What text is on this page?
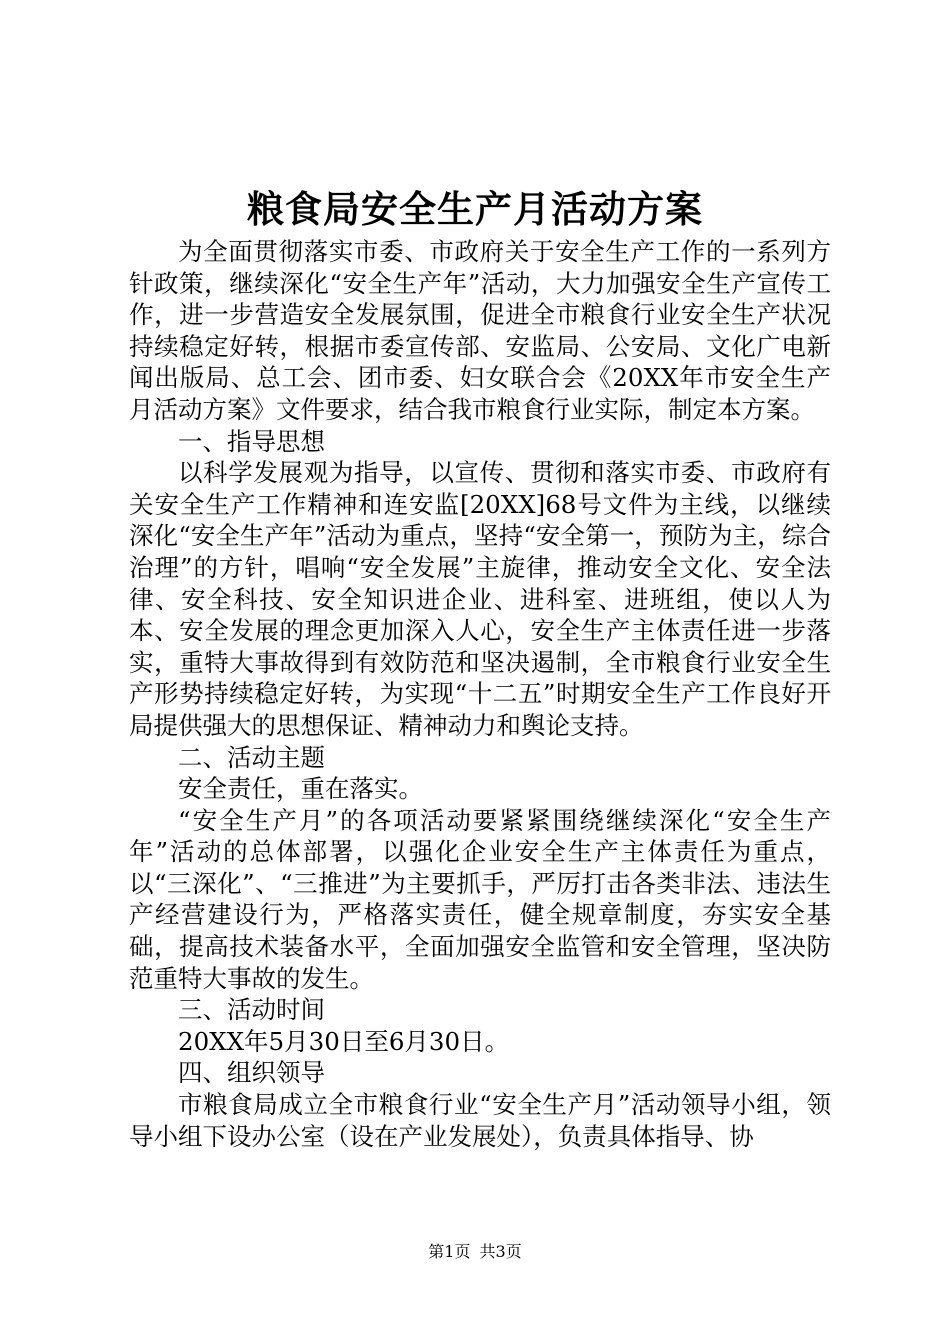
粮食局安全生产月活动方案

为全面贯彻落实市委、市政府关于安全生产工作的一系列方针政策，继续深化“安全生产年”活动，大力加强安全生产宣传工作，进一步营造安全发展氛围，促进全市粮食行业安全生产状况持续稳定好转，根据市委宣传部、安监局、公安局、文化广电新闻出版局、总工会、团市委、妇女联合会《20XX年市安全生产月活动方案》文件要求，结合我市粮食行业实际，制定本方案。

一、指导思想

以科学发展观为指导，以宣传、贯彻和落实市委、市政府有关安全生产工作精神和连安监[20XX]68号文件为主线，以继续深化“安全生产年”活动为重点，坚持“安全第一，预防为主，综合治理”的方针，唱响“安全发展”主旋律，推动安全文化、安全法律、安全科技、安全知识进企业、进科室、进班组，使以人为本、安全发展的理念更加深入人心，安全生产主体责任进一步落实，重特大事故得到有效防范和坚决遏制，全市粮食行业安全生产形势持续稳定好转，为实现“十二五”时期安全生产工作良好开局提供强大的思想保证、精神动力和舆论支持。

二、活动主题

安全责任，重在落实。

“安全生产月”的各项活动要紧紧围绕继续深化“安全生产年”活动的总体部署，以强化企业安全生产主体责任为重点，以“三深化”、“三推进”为主要抓手，严厉打击各类非法、违法生产经营建设行为，严格落实责任，健全规章制度，夯实安全基础，提高技术装备水平，全面加强安全监管和安全管理，坚决防范重特大事故的发生。

三、活动时间

20XX年5月30日至6月30日。

四、组织领导

市粮食局成立全市粮食行业“安全生产月”活动领导小组，领导小组下设办公室（设在产业发展处），负责具体指导、协

第1页 共3页
